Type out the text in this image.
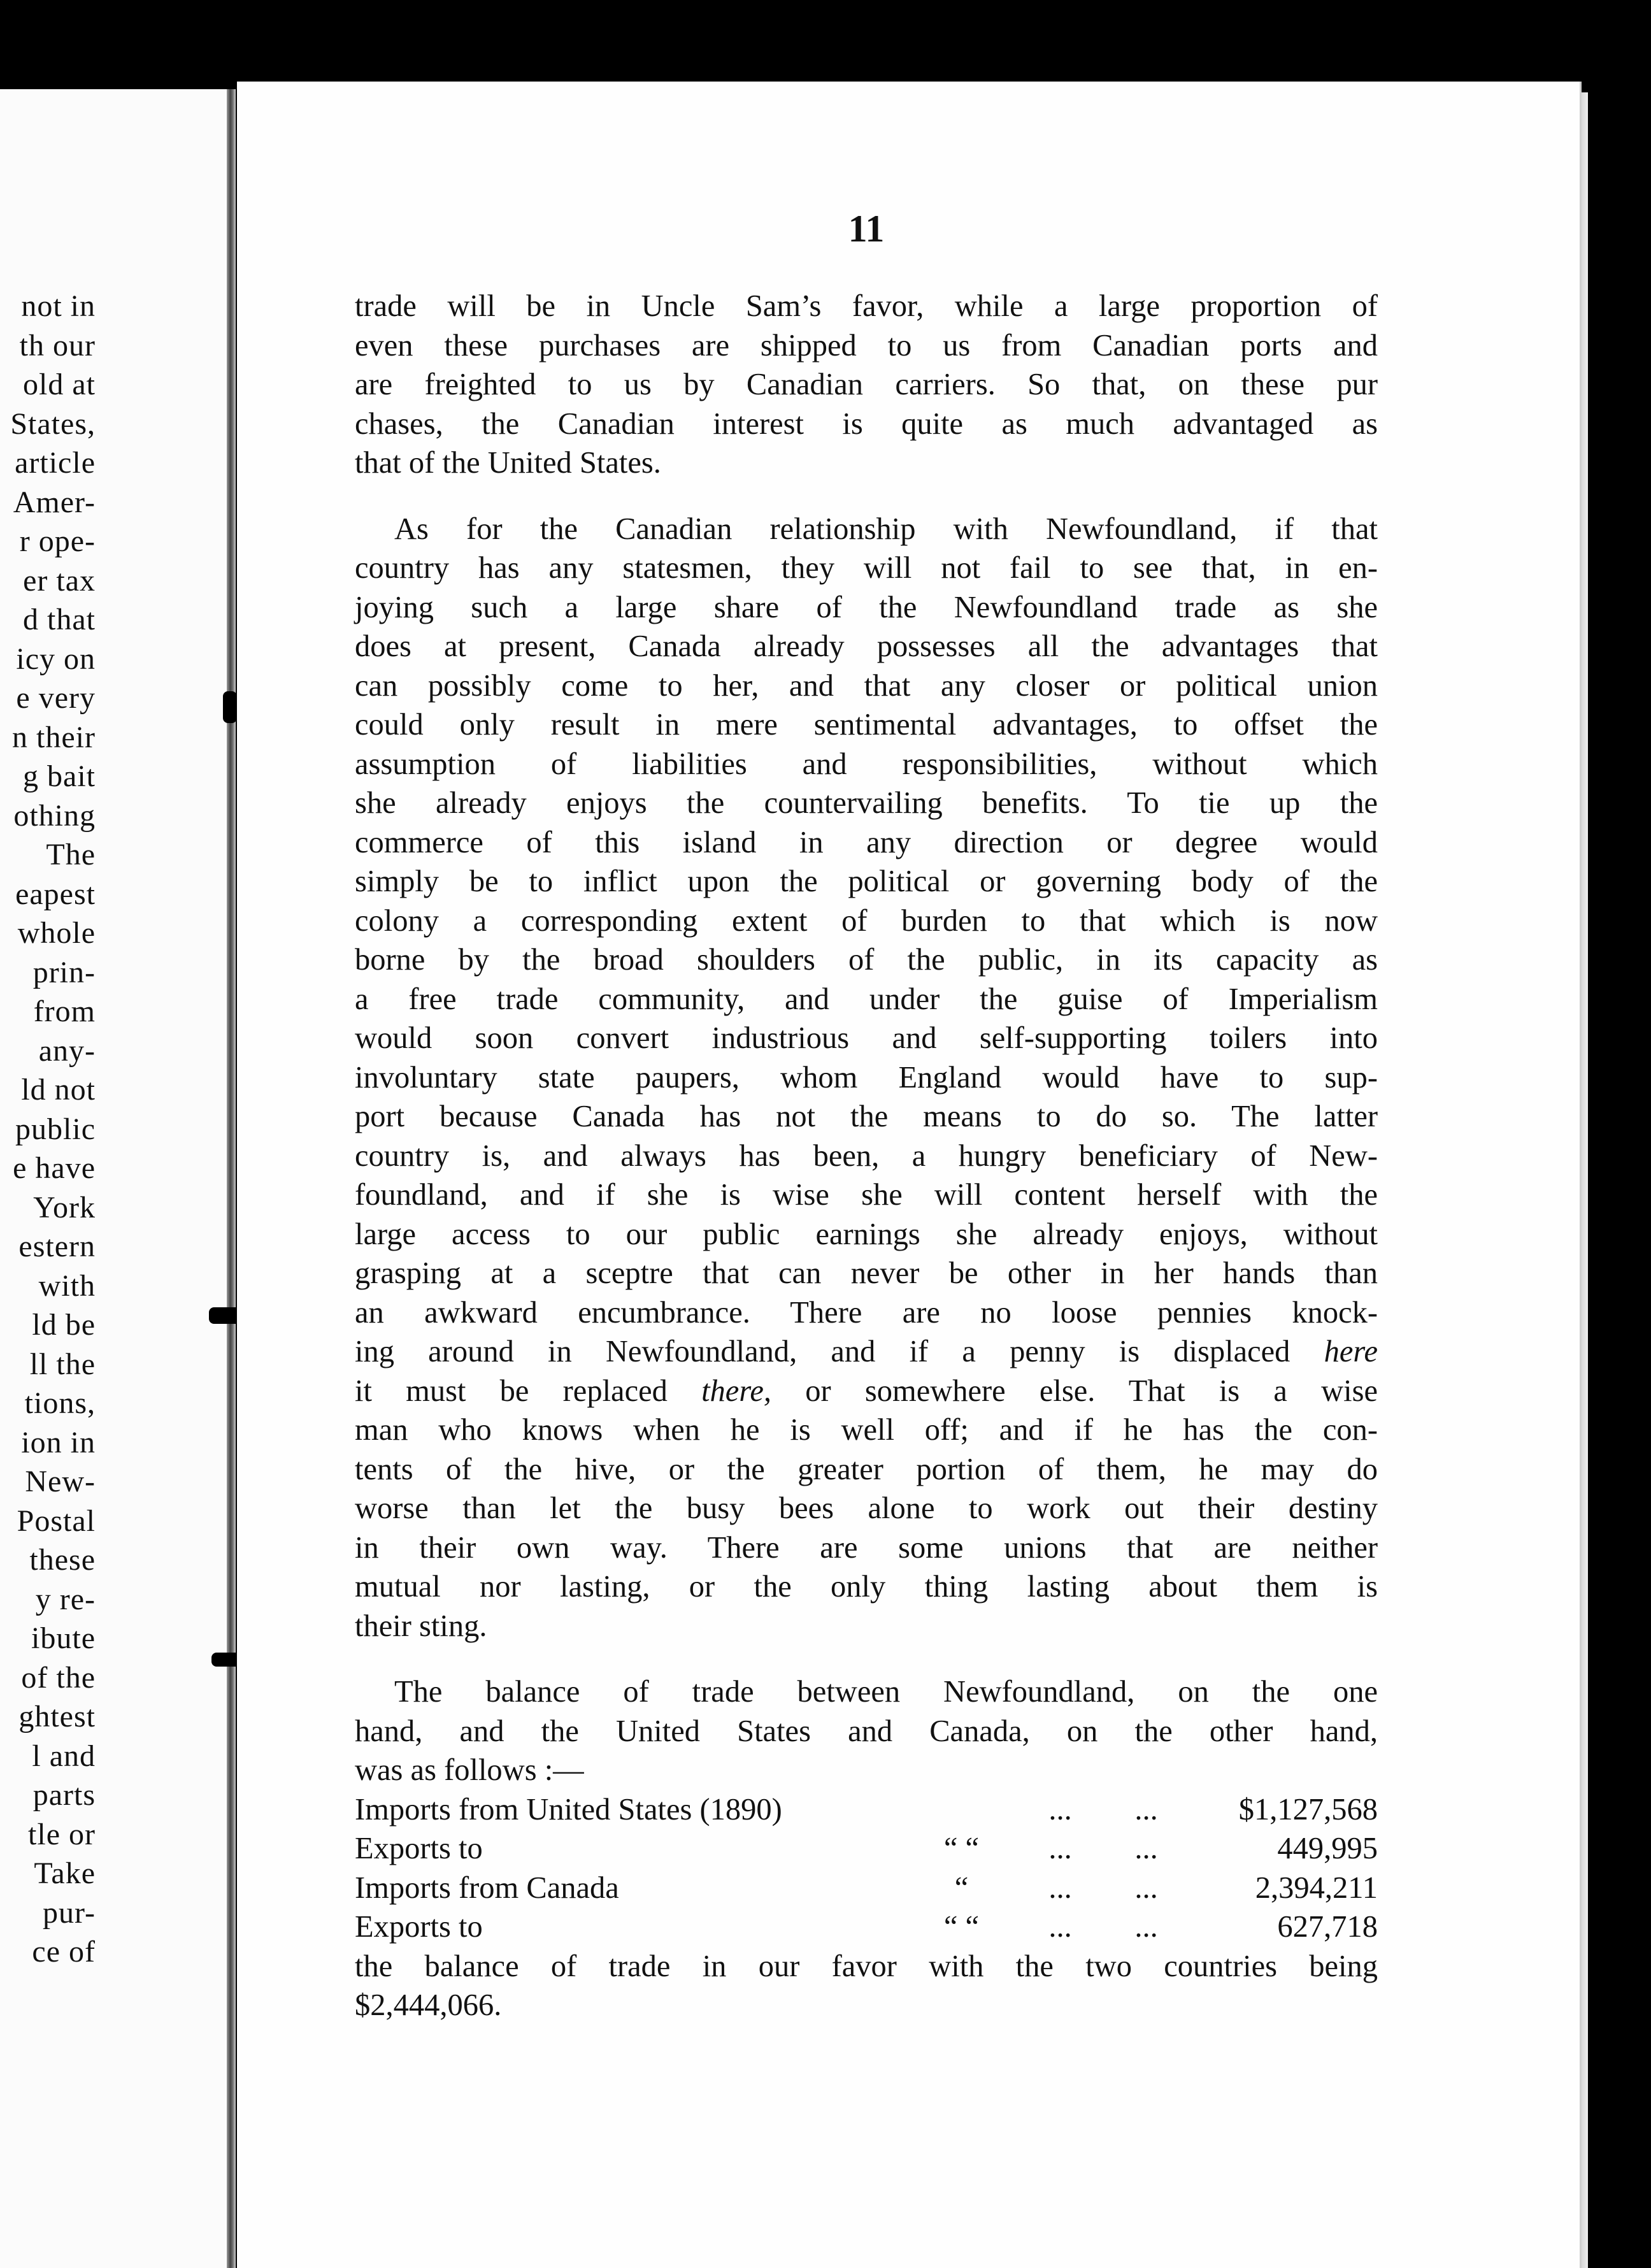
not in
th our
old at
States,
article
Amer-
r ope-
er tax
d that
icy on
e very
n their
g bait
othing
The
eapest
whole
prin-
from
any-
ld not
public
e have
York
estern
with
ld be
ll the
tions,
ion in
New-
Postal
these
y re-
ibute
of the
ghtest
l and
parts
tle or
Take
pur-
ce of
11
trade will be in Uncle Sam’s favor, while a large proportion of
even these purchases are shipped to us from Canadian ports and
are freighted to us by Canadian carriers. So that, on these pur
chases, the Canadian interest is quite as much advantaged as
that of the United States.
As for the Canadian relationship with Newfoundland, if that
country has any statesmen, they will not fail to see that, in en-
joying such a large share of the Newfoundland trade as she
does at present, Canada already possesses all the advantages that
can possibly come to her, and that any closer or political union
could only result in mere sentimental advantages, to offset the
assumption of liabilities and responsibilities, without which
she already enjoys the countervailing benefits. To tie up the
commerce of this island in any direction or degree would
simply be to inflict upon the political or governing body of the
colony a corresponding extent of burden to that which is now
borne by the broad shoulders of the public, in its capacity as
a free trade community, and under the guise of Imperialism
would soon convert industrious and self-supporting toilers into
involuntary state paupers, whom England would have to sup-
port because Canada has not the means to do so. The latter
country is, and always has been, a hungry beneficiary of New-
foundland, and if she is wise she will content herself with the
large access to our public earnings she already enjoys, without
grasping at a sceptre that can never be other in her hands than
an awkward encumbrance. There are no loose pennies knock-
ing around in Newfoundland, and if a penny is displaced here
it must be replaced there, or somewhere else. That is a wise
man who knows when he is well off; and if he has the con-
tents of the hive, or the greater portion of them, he may do
worse than let the busy bees alone to work out their destiny
in their own way. There are some unions that are neither
mutual nor lasting, or the only thing lasting about them is
their sting.
The balance of trade between Newfoundland, on the one
hand, and the United States and Canada, on the other hand,
was as follows :—
Imports from United States (1890)		...	...	$1,127,568
Exports to	“ “	...	...	449,995
Imports from Canada	“	...	...	2,394,211
Exports to	“ “	...	...	627,718
the balance of trade in our favor with the two countries being
$2,444,066.
